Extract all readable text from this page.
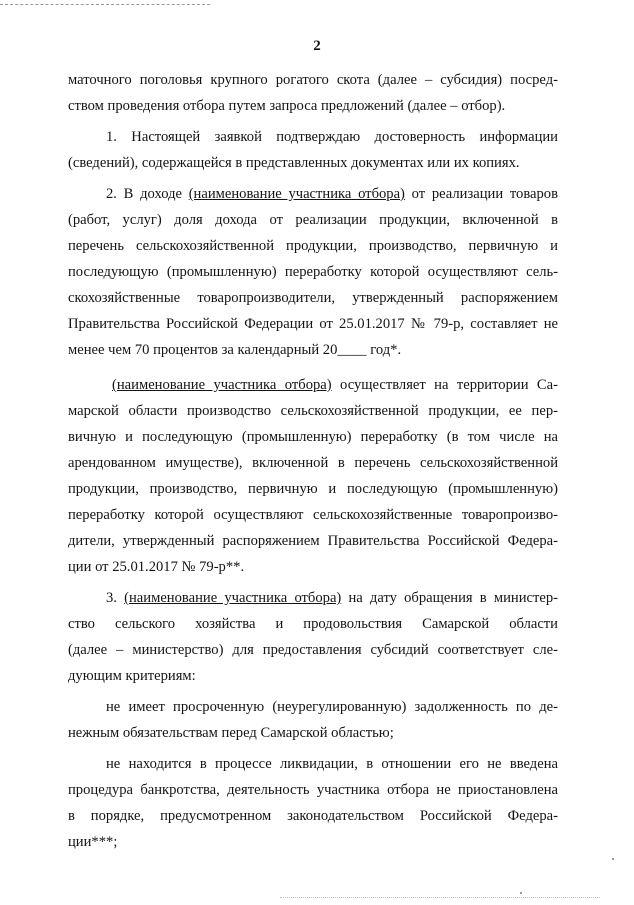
2

маточного поголовья крупного рогатого скота (далее – субсидия) посред-

ством проведения отбора путем запроса предложений (далее – отбор).

1. Настоящей заявкой подтверждаю достоверность информации

(сведений), содержащейся в представленных документах или их копиях.

2. В доходе (наименование участника отбора) от реализации товаров

(работ, услуг) доля дохода от реализации продукции, включенной в

перечень сельскохозяйственной продукции, производство, первичную и

последующую (промышленную) переработку которой осуществляют сель-

скохозяйственные товаропроизводители, утвержденный распоряжением

Правительства Российской Федерации от 25.01.2017 № 79-р, составляет не

менее чем 70 процентов за календарный 20____ год*.

(наименование участника отбора) осуществляет на территории Са-

марской области производство сельскохозяйственной продукции, ее пер-

вичную и последующую (промышленную) переработку (в том числе на

арендованном имуществе), включенной в перечень сельскохозяйственной

продукции, производство, первичную и последующую (промышленную)

переработку которой осуществляют сельскохозяйственные товаропроизво-

дители, утвержденный распоряжением Правительства Российской Федера-

ции от 25.01.2017 № 79-р**.

3. (наименование участника отбора) на дату обращения в министер-

ство сельского хозяйства и продовольствия Самарской области

(далее – министерство) для предоставления субсидий соответствует сле-

дующим критериям:

не имеет просроченную (неурегулированную) задолженность по де-

нежным обязательствам перед Самарской областью;

не находится в процессе ликвидации, в отношении его не введена

процедура банкротства, деятельность участника отбора не приостановлена

в порядке, предусмотренном законодательством Российской Федера-

ции***;
